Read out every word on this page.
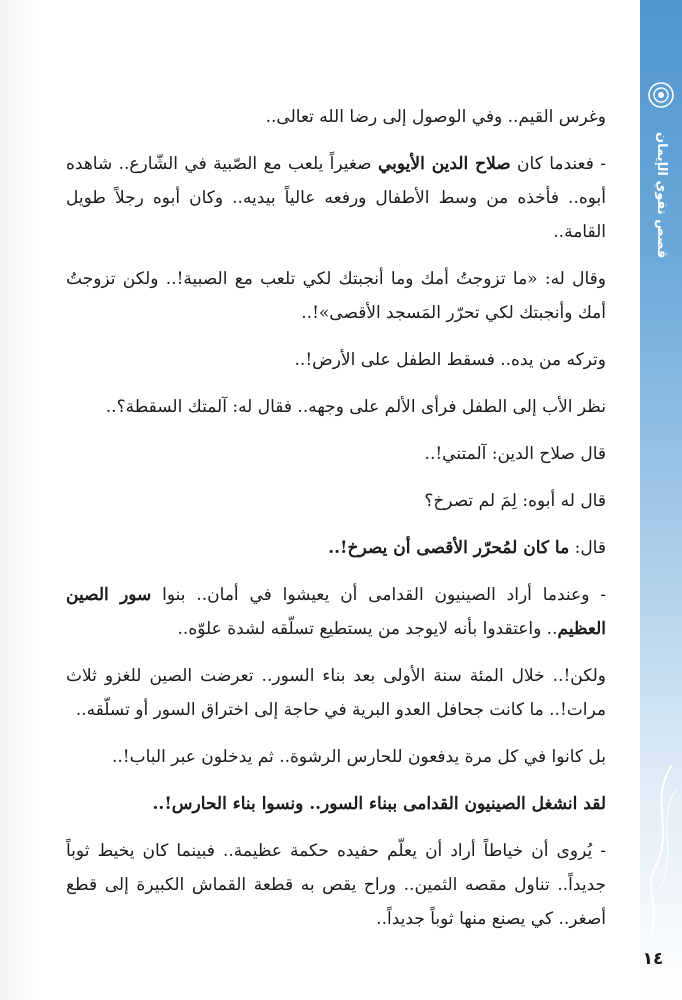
قصص تقوي الإيمان
١٤

وغرس القيم.. وفي الوصول إلى رضا الله تعالى..

- فعندما كان صلاح الدين الأيوبي صغيراً يلعب مع الصّبية في الشّارع.. شاهده أبوه.. فأخذه من وسط الأطفال ورفعه عالياً بيديه.. وكان أبوه رجلاً طويل القامة..

وقال له: «ما تزوجتُ أمك وما أنجبتك لكي تلعب مع الصبية!.. ولكن تزوجتُ أمك وأنجبتك لكي تحرّر المَسجد الأقصى»!..

وتركه من يده.. فسقط الطفل على الأرض!..

نظر الأب إلى الطفل فرأى الألم على وجهه.. فقال له: آلمتك السقطة؟..

قال صلاح الدين: آلمتني!..

قال له أبوه: لِمَ لم تصرخ؟

قال: ما كان لمُحرّر الأقصى أن يصرخ!..

- وعندما أراد الصينيون القدامى أن يعيشوا في أمان.. بنوا سور الصين العظيم.. واعتقدوا بأنه لايوجد من يستطيع تسلّقه لشدة علوّه..

ولكن!.. خلال المئة سنة الأولى بعد بناء السور.. تعرضت الصين للغزو ثلاث مرات!.. ما كانت جحافل العدو البرية في حاجة إلى اختراق السور أو تسلّقه..

بل كانوا في كل مرة يدفعون للحارس الرشوة.. ثم يدخلون عبر الباب!..

لقد انشغل الصينيون القدامى ببناء السور.. ونسوا بناء الحارس!..

- يُروى أن خياطاً أراد أن يعلّم حفيده حكمة عظيمة.. فبينما كان يخيط ثوباً جديداً.. تناول مقصه الثمين.. وراح يقص به قطعة القماش الكبيرة إلى قطع أصغر.. كي يصنع منها ثوباً جديداً..
